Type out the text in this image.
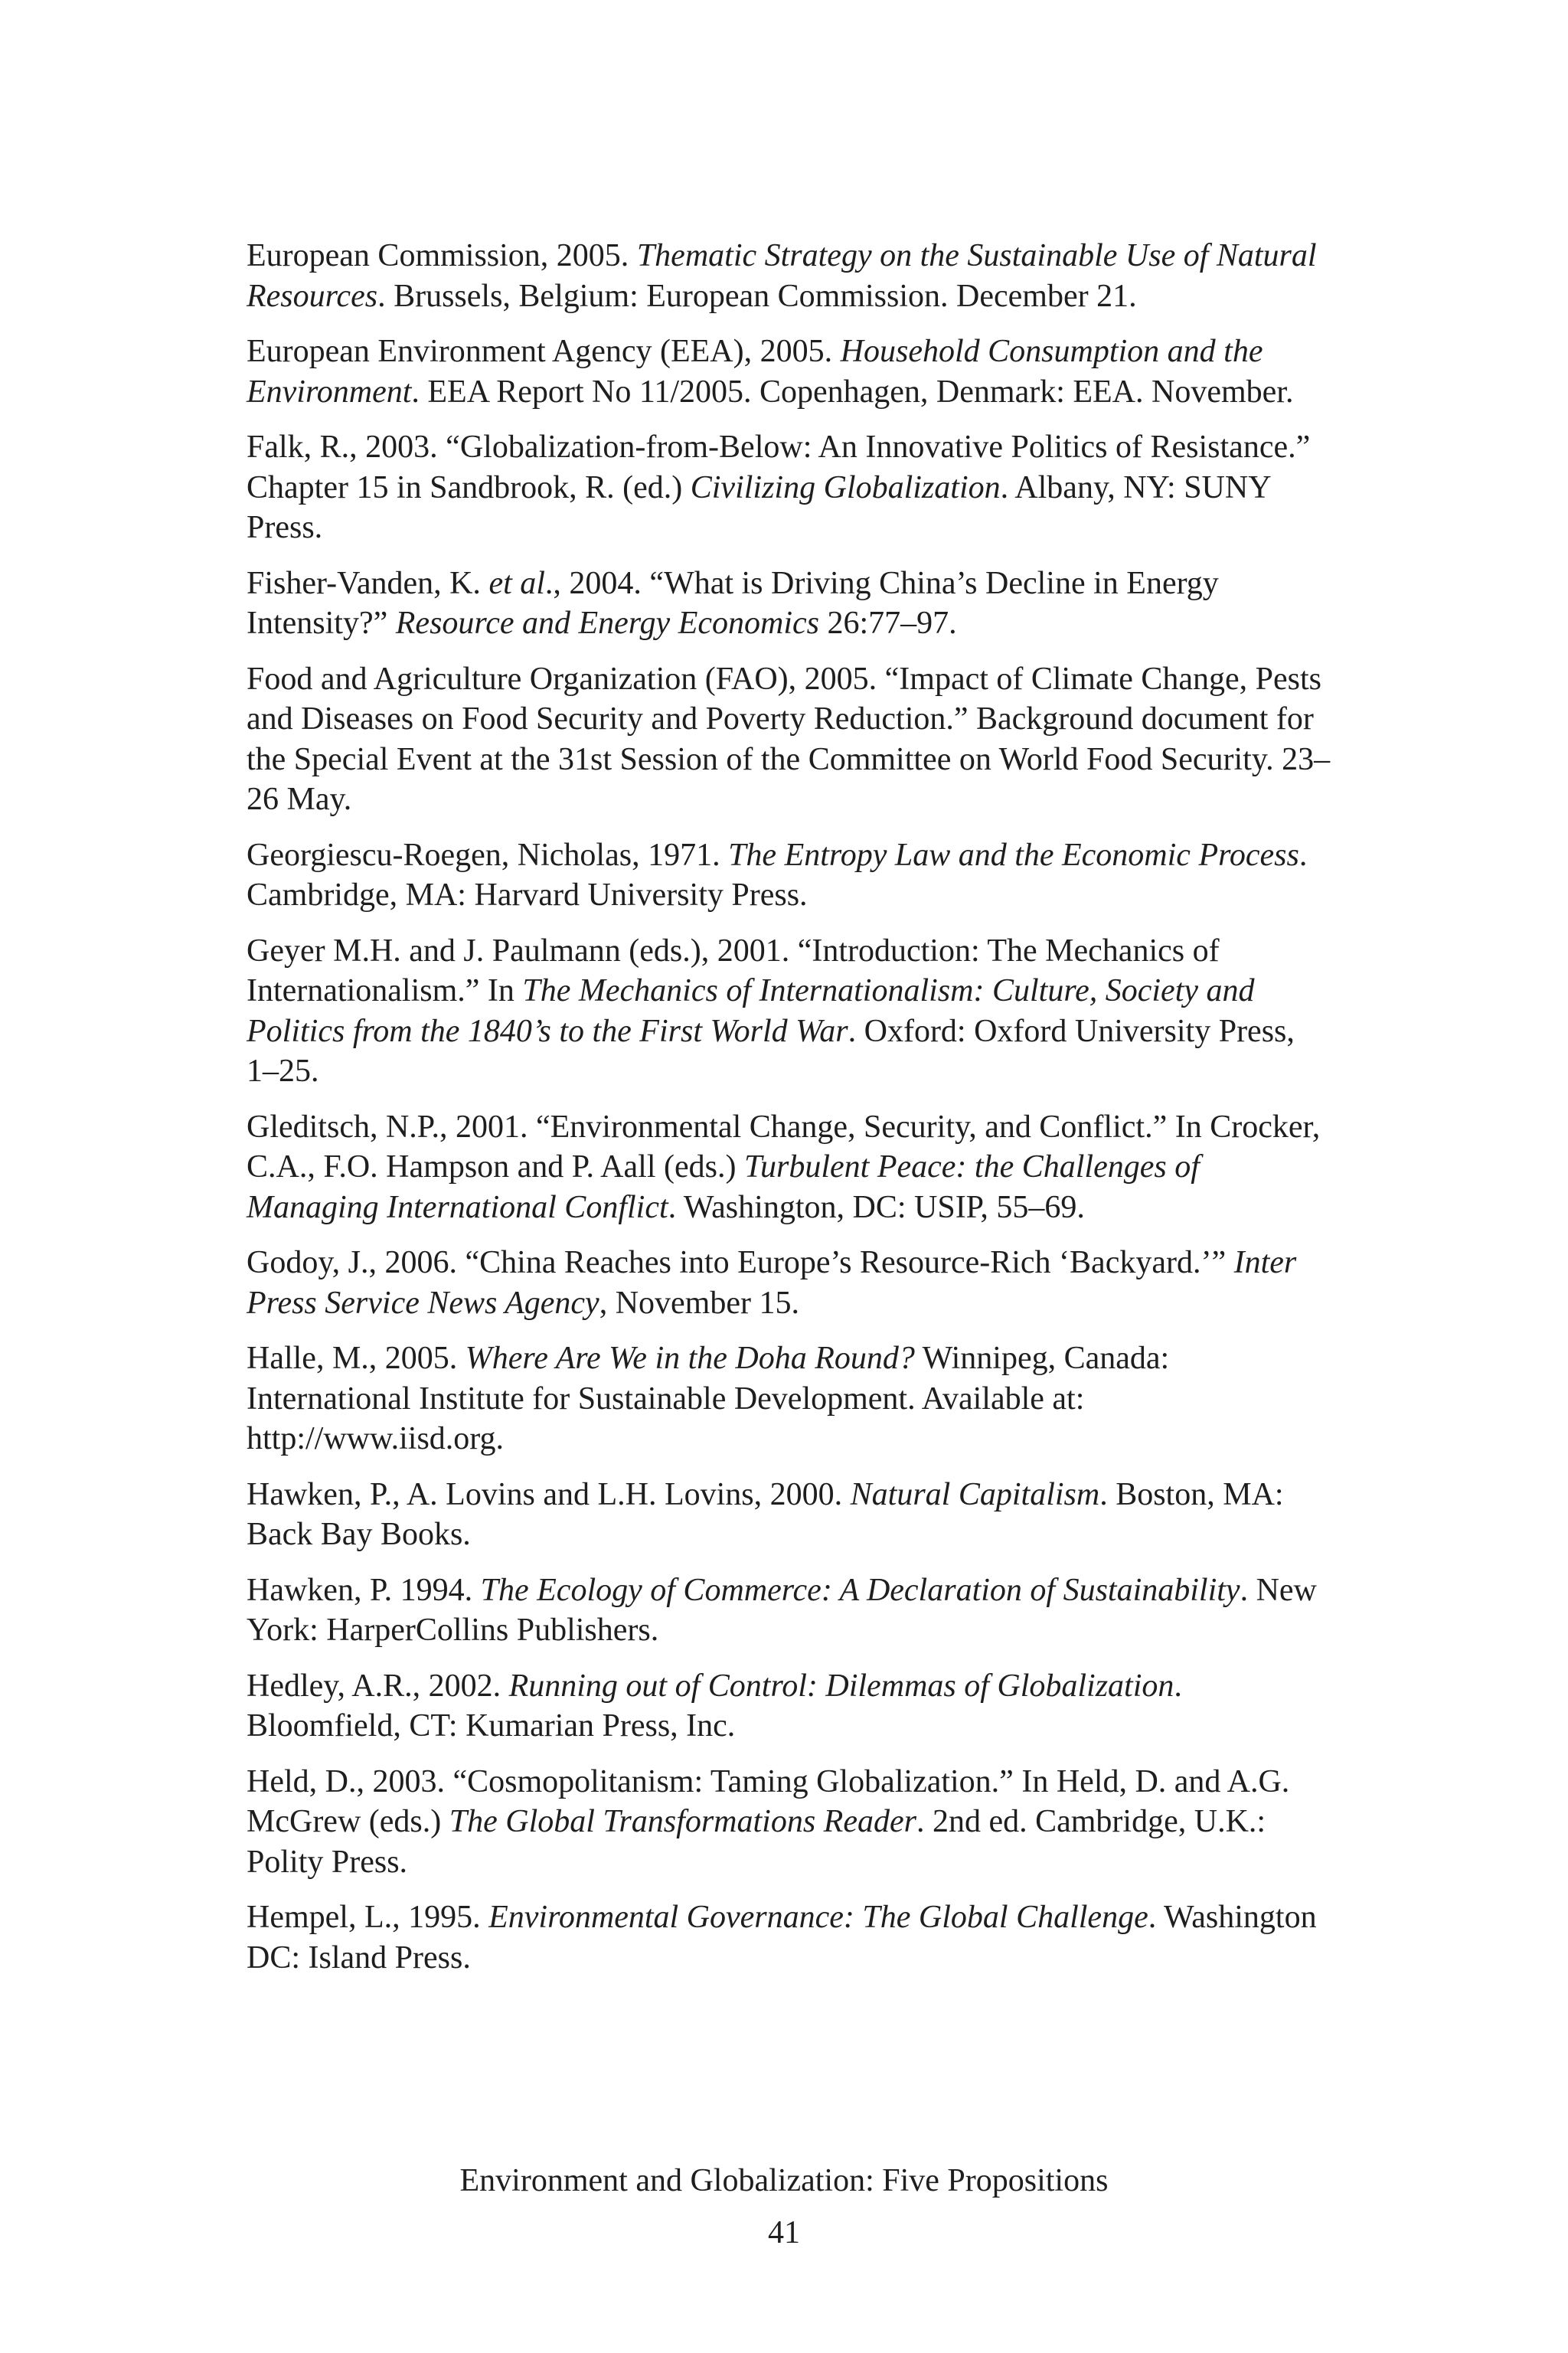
European Commission, 2005. Thematic Strategy on the Sustainable Use of Natural Resources. Brussels, Belgium: European Commission. December 21.

European Environment Agency (EEA), 2005. Household Consumption and the Environment. EEA Report No 11/2005. Copenhagen, Denmark: EEA. November.

Falk, R., 2003. “Globalization-from-Below: An Innovative Politics of Resistance.” Chapter 15 in Sandbrook, R. (ed.) Civilizing Globalization. Albany, NY: SUNY Press.

Fisher-Vanden, K. et al., 2004. “What is Driving China’s Decline in Energy Intensity?” Resource and Energy Economics 26:77–97.

Food and Agriculture Organization (FAO), 2005. “Impact of Climate Change, Pests and Diseases on Food Security and Poverty Reduction.” Background document for the Special Event at the 31st Session of the Committee on World Food Security. 23–26 May.

Georgiescu-Roegen, Nicholas, 1971. The Entropy Law and the Economic Process. Cambridge, MA: Harvard University Press.

Geyer M.H. and J. Paulmann (eds.), 2001. “Introduction: The Mechanics of Internationalism.” In The Mechanics of Internationalism: Culture, Society and Politics from the 1840’s to the First World War. Oxford: Oxford University Press, 1–25.

Gleditsch, N.P., 2001. “Environmental Change, Security, and Conflict.” In Crocker, C.A., F.O. Hampson and P. Aall (eds.) Turbulent Peace: the Challenges of Managing International Conflict. Washington, DC: USIP, 55–69.

Godoy, J., 2006. “China Reaches into Europe’s Resource-Rich ‘Backyard.’” Inter Press Service News Agency, November 15.

Halle, M., 2005. Where Are We in the Doha Round? Winnipeg, Canada: International Institute for Sustainable Development. Available at: http://www.iisd.org.

Hawken, P., A. Lovins and L.H. Lovins, 2000. Natural Capitalism. Boston, MA: Back Bay Books.

Hawken, P. 1994. The Ecology of Commerce: A Declaration of Sustainability. New York: HarperCollins Publishers.

Hedley, A.R., 2002. Running out of Control: Dilemmas of Globalization. Bloomfield, CT: Kumarian Press, Inc.

Held, D., 2003. “Cosmopolitanism: Taming Globalization.” In Held, D. and A.G. McGrew (eds.) The Global Transformations Reader. 2nd ed. Cambridge, U.K.: Polity Press.

Hempel, L., 1995. Environmental Governance: The Global Challenge. Washington DC: Island Press.

Environment and Globalization: Five Propositions
41
